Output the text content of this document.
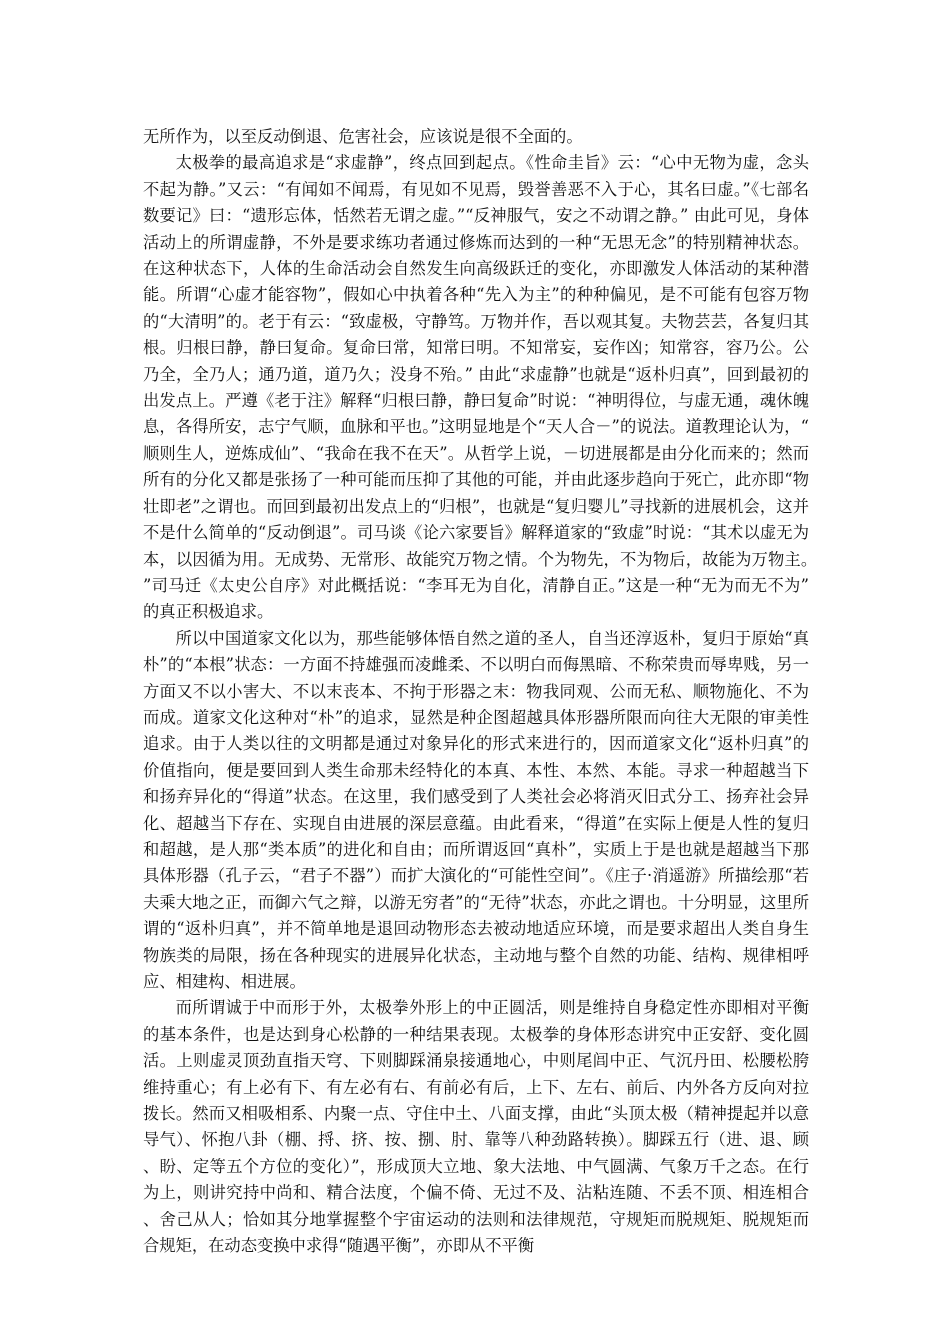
无所作为，以至反动倒退、危害社会，应该说是很不全面的。

太极拳的最高追求是“求虚静”，终点回到起点。《性命圭旨》云：“心中无物为虚，念头不起为静。”又云：“有闻如不闻焉，有见如不见焉，毁誉善恶不入于心，其名曰虚。”《七部名数要记》曰：“遗形忘体，恬然若无谓之虚。”“反神服气，安之不动谓之静。” 由此可见，身体活动上的所谓虚静，不外是要求练功者通过修炼而达到的一种“无思无念”的特别精神状态。在这种状态下，人体的生命活动会自然发生向高级跃迁的变化，亦即激发人体活动的某种潜能。所谓“心虚才能容物”，假如心中执着各种“先入为主”的种种偏见，是不可能有包容万物的“大清明”的。老于有云：“致虚极，守静笃。万物并作，吾以观其复。夫物芸芸，各复归其根。归根曰静，静曰复命。复命曰常，知常曰明。不知常妄，妄作凶；知常容，容乃公。公乃全，全乃人；通乃道，道乃久；没身不殆。” 由此“求虚静”也就是“返朴归真”，回到最初的出发点上。严遵《老于注》解释“归根曰静，静曰复命”时说：“神明得位，与虚无通，魂休魄息，各得所安，志宁气顺，血脉和平也。”这明显地是个“天人合－”的说法。道教理论认为，“顺则生人，逆炼成仙”、“我命在我不在天”。从哲学上说，－切进展都是由分化而来的；然而所有的分化又都是张扬了一种可能而压抑了其他的可能，并由此逐步趋向于死亡，此亦即“物壮即老”之谓也。而回到最初出发点上的“归根”，也就是“复归婴儿”寻找新的进展机会，这并不是什么简单的“反动倒退”。司马谈《论六家要旨》解释道家的“致虚”时说：“其术以虚无为本，以因循为用。无成势、无常形、故能究万物之情。个为物先，不为物后，故能为万物主。”司马迁《太史公自序》对此概括说：“李耳无为自化，清静自正。”这是一种“无为而无不为”的真正积极追求。

所以中国道家文化以为，那些能够体悟自然之道的圣人，自当还淳返朴，复归于原始“真朴”的“本根”状态：一方面不持雄强而凌雌柔、不以明白而侮黑暗、不称荣贵而辱卑贱，另一方面又不以小害大、不以末丧本、不拘于形器之末：物我同观、公而无私、顺物施化、不为而成。道家文化这种对“朴”的追求，显然是种企图超越具体形器所限而向往大无限的审美性追求。由于人类以往的文明都是通过对象异化的形式来进行的，因而道家文化“返朴归真”的价值指向，便是要回到人类生命那未经特化的本真、本性、本然、本能。寻求一种超越当下和扬弃异化的“得道”状态。在这里，我们感受到了人类社会必将消灭旧式分工、扬弃社会异化、超越当下存在、实现自由进展的深层意蕴。由此看来，“得道”在实际上便是人性的复归和超越，是人那“类本质”的进化和自由；而所谓返回“真朴”，实质上于是也就是超越当下那具体形器（孔子云，“君子不器”）而扩大演化的“可能性空间”。《庄子·消遥游》所描绘那“若夫乘大地之正，而御六气之辩，以游无穷者”的“无待”状态，亦此之谓也。十分明显，这里所谓的“返朴归真”，并不简单地是退回动物形态去被动地适应环境，而是要求超出人类自身生物族类的局限，扬在各种现实的进展异化状态，主动地与整个自然的功能、结构、规律相呼应、相建构、相进展。

而所谓诚于中而形于外，太极拳外形上的中正圆活，则是维持自身稳定性亦即相对平衡的基本条件，也是达到身心松静的一种结果表现。太极拳的身体形态讲究中正安舒、变化圆活。上则虚灵顶劲直指天穹、下则脚踩涌泉接通地心，中则尾闾中正、气沉丹田、松腰松胯维持重心；有上必有下、有左必有右、有前必有后，上下、左右、前后、内外各方反向对拉拨长。然而又相吸相系、内聚一点、守住中土、八面支撑，由此“头顶太极（精神提起并以意导气）、怀抱八卦（棚、捋、挤、按、捌、肘、靠等八种劲路转换）。脚踩五行（进、退、顾、盼、定等五个方位的变化）”，形成顶大立地、象大法地、中气圆满、气象万千之态。在行为上，则讲究持中尚和、精合法度，个偏不倚、无过不及、沾粘连随、不丢不顶、相连相合、舍己从人；恰如其分地掌握整个宇宙运动的法则和法律规范，守规矩而脱规矩、脱规矩而合规矩，在动态变换中求得“随遇平衡”，亦即从不平衡
